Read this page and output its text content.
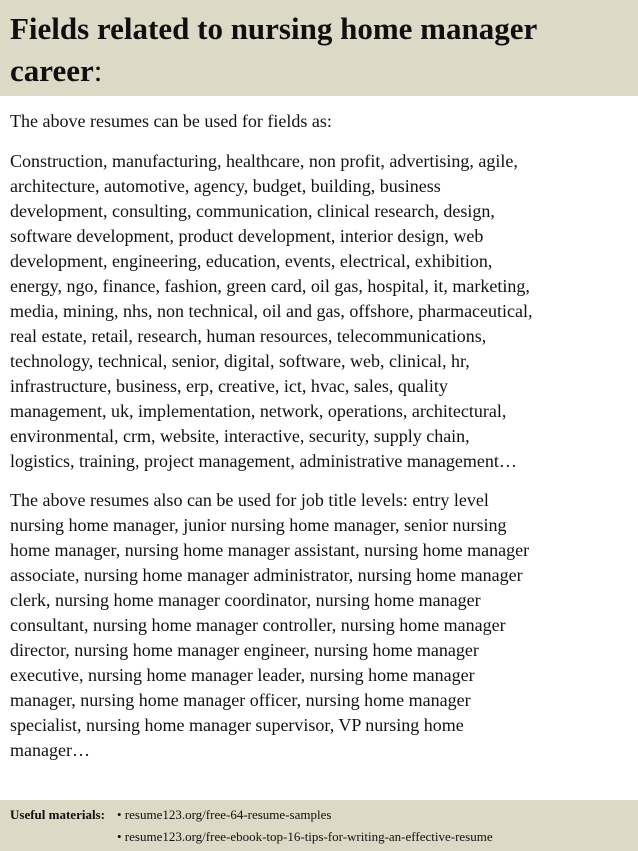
Fields related to nursing home manager career:

The above resumes can be used for fields as:

Construction, manufacturing, healthcare, non profit, advertising, agile,
architecture, automotive, agency, budget, building, business
development, consulting, communication, clinical research, design,
software development, product development, interior design, web
development, engineering, education, events, electrical, exhibition,
energy, ngo, finance, fashion, green card, oil gas, hospital, it, marketing,
media, mining, nhs, non technical, oil and gas, offshore, pharmaceutical,
real estate, retail, research, human resources, telecommunications,
technology, technical, senior, digital, software, web, clinical, hr,
infrastructure, business, erp, creative, ict, hvac, sales, quality
management, uk, implementation, network, operations, architectural,
environmental, crm, website, interactive, security, supply chain,
logistics, training, project management, administrative management…

The above resumes also can be used for job title levels: entry level
nursing home manager, junior nursing home manager, senior nursing
home manager, nursing home manager assistant, nursing home manager
associate, nursing home manager administrator, nursing home manager
clerk, nursing home manager coordinator, nursing home manager
consultant, nursing home manager controller, nursing home manager
director, nursing home manager engineer, nursing home manager
executive, nursing home manager leader, nursing home manager
manager, nursing home manager officer, nursing home manager
specialist, nursing home manager supervisor, VP nursing home
manager…

Useful materials: • resume123.org/free-64-resume-samples
• resume123.org/free-ebook-top-16-tips-for-writing-an-effective-resume
